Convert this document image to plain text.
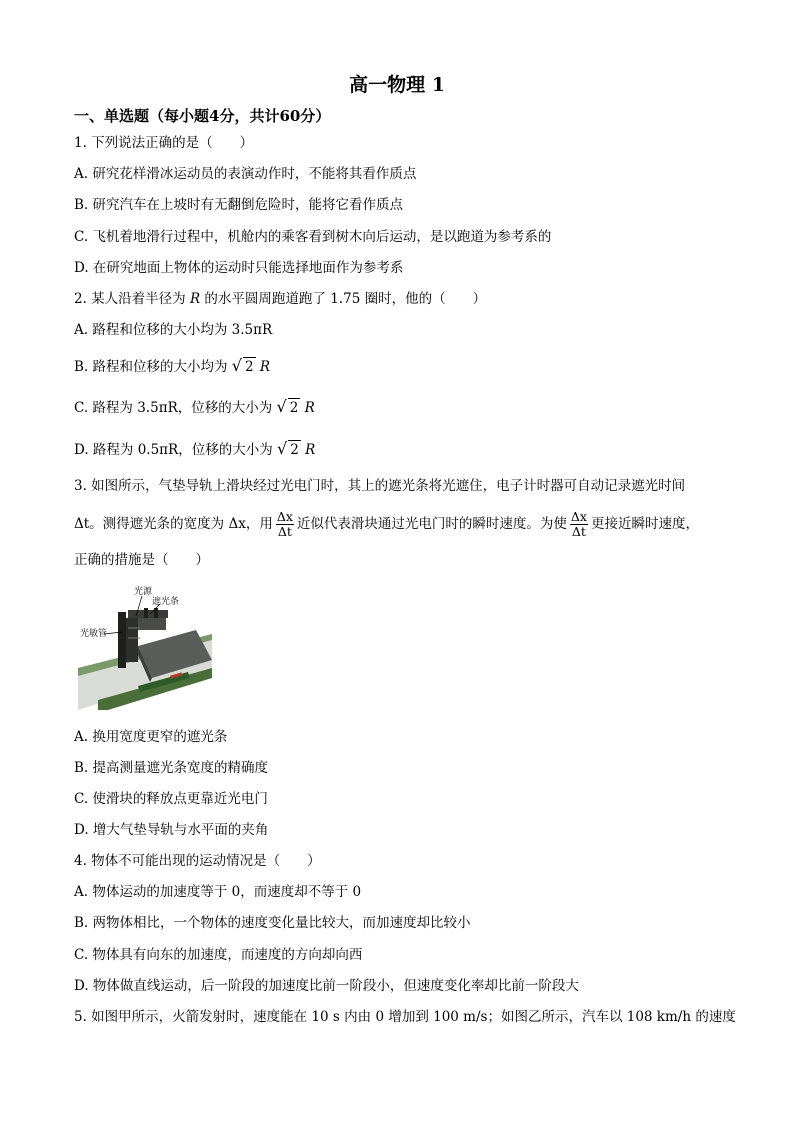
高一物理 1
一、单选题（每小题4分，共计60分）
1. 下列说法正确的是（　　）
A. 研究花样滑冰运动员的表演动作时，不能将其看作质点
B. 研究汽车在上坡时有无翻倒危险时，能将它看作质点
C. 飞机着地滑行过程中，机舱内的乘客看到树木向后运动，是以跑道为参考系的
D. 在研究地面上物体的运动时只能选择地面作为参考系
2. 某人沿着半径为 R 的水平圆周跑道跑了 1.75 圈时，他的（　　）
A. 路程和位移的大小均为 3.5πR
B. 路程和位移的大小均为 √ 2 R
C. 路程为 3.5πR，位移的大小为 √ 2 R
D. 路程为 0.5πR，位移的大小为 √ 2 R
3. 如图所示，气垫导轨上滑块经过光电门时，其上的遮光条将光遮住，电子计时器可自动记录遮光时间
Δt。测得遮光条的宽度为 Δx，用 $\frac{\Delta x}{\Delta t}$ 近似代表滑块通过光电门时的瞬时速度。为使 $\frac{\Delta x}{\Delta t}$ 更接近瞬时速度，
正确的措施是（　　）
光源
遮光条
光敏管
A. 换用宽度更窄的遮光条
B. 提高测量遮光条宽度的精确度
C. 使滑块的释放点更靠近光电门
D. 增大气垫导轨与水平面的夹角
4. 物体不可能出现的运动情况是（　　）
A. 物体运动的加速度等于 0，而速度却不等于 0
B. 两物体相比，一个物体的速度变化量比较大，而加速度却比较小
C. 物体具有向东的加速度，而速度的方向却向西
D. 物体做直线运动，后一阶段的加速度比前一阶段小，但速度变化率却比前一阶段大
5. 如图甲所示，火箭发射时，速度能在 10 s 内由 0 增加到 100 m/s；如图乙所示，汽车以 108 km/h 的速度
